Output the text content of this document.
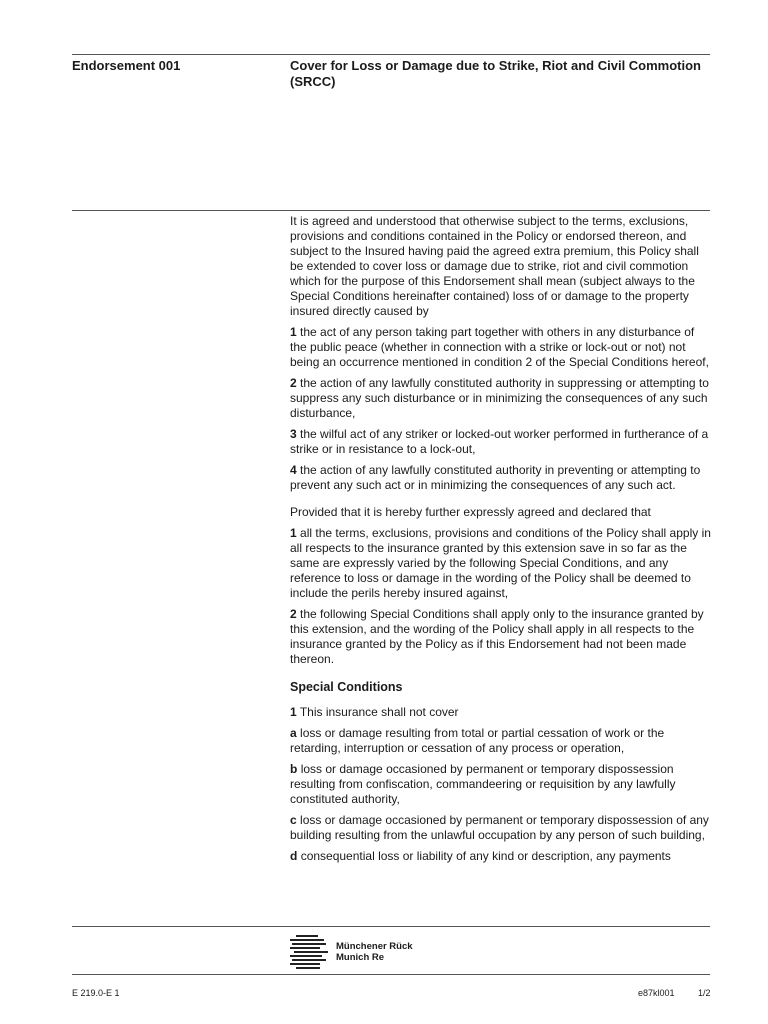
Endorsement 001	Cover for Loss or Damage due to Strike, Riot and Civil Commotion (SRCC)

It is agreed and understood that otherwise subject to the terms, exclusions, provisions and conditions contained in the Policy or endorsed thereon, and subject to the Insured having paid the agreed extra premium, this Policy shall be extended to cover loss or damage due to strike, riot and civil commotion which for the purpose of this Endorsement shall mean (subject always to the Special Conditions hereinafter contained) loss of or damage to the property insured directly caused by

1 the act of any person taking part together with others in any disturbance of the public peace (whether in connection with a strike or lock-out or not) not being an occurrence mentioned in condition 2 of the Special Conditions hereof,

2 the action of any lawfully constituted authority in suppressing or attempting to suppress any such disturbance or in minimizing the consequences of any such disturbance,

3 the wilful act of any striker or locked-out worker performed in furtherance of a strike or in resistance to a lock-out,

4 the action of any lawfully constituted authority in preventing or attempting to prevent any such act or in minimizing the consequences of any such act.

Provided that it is hereby further expressly agreed and declared that

1 all the terms, exclusions, provisions and conditions of the Policy shall apply in all respects to the insurance granted by this extension save in so far as the same are expressly varied by the following Special Conditions, and any reference to loss or damage in the wording of the Policy shall be deemed to include the perils hereby insured against,

2 the following Special Conditions shall apply only to the insurance granted by this extension, and the wording of the Policy shall apply in all respects to the insurance granted by the Policy as if this Endorsement had not been made thereon.

Special Conditions

1 This insurance shall not cover

a loss or damage resulting from total or partial cessation of work or the retarding, interruption or cessation of any process or operation,

b loss or damage occasioned by permanent or temporary dispossession resulting from confiscation, commandeering or requisition by any lawfully constituted authority,

c loss or damage occasioned by permanent or temporary dispossession of any building resulting from the unlawful occupation by any person of such building,

d consequential loss or liability of any kind or description, any payments

Münchener Rück
Munich Re
E 219.0-E 1	e87kl001	1/2
